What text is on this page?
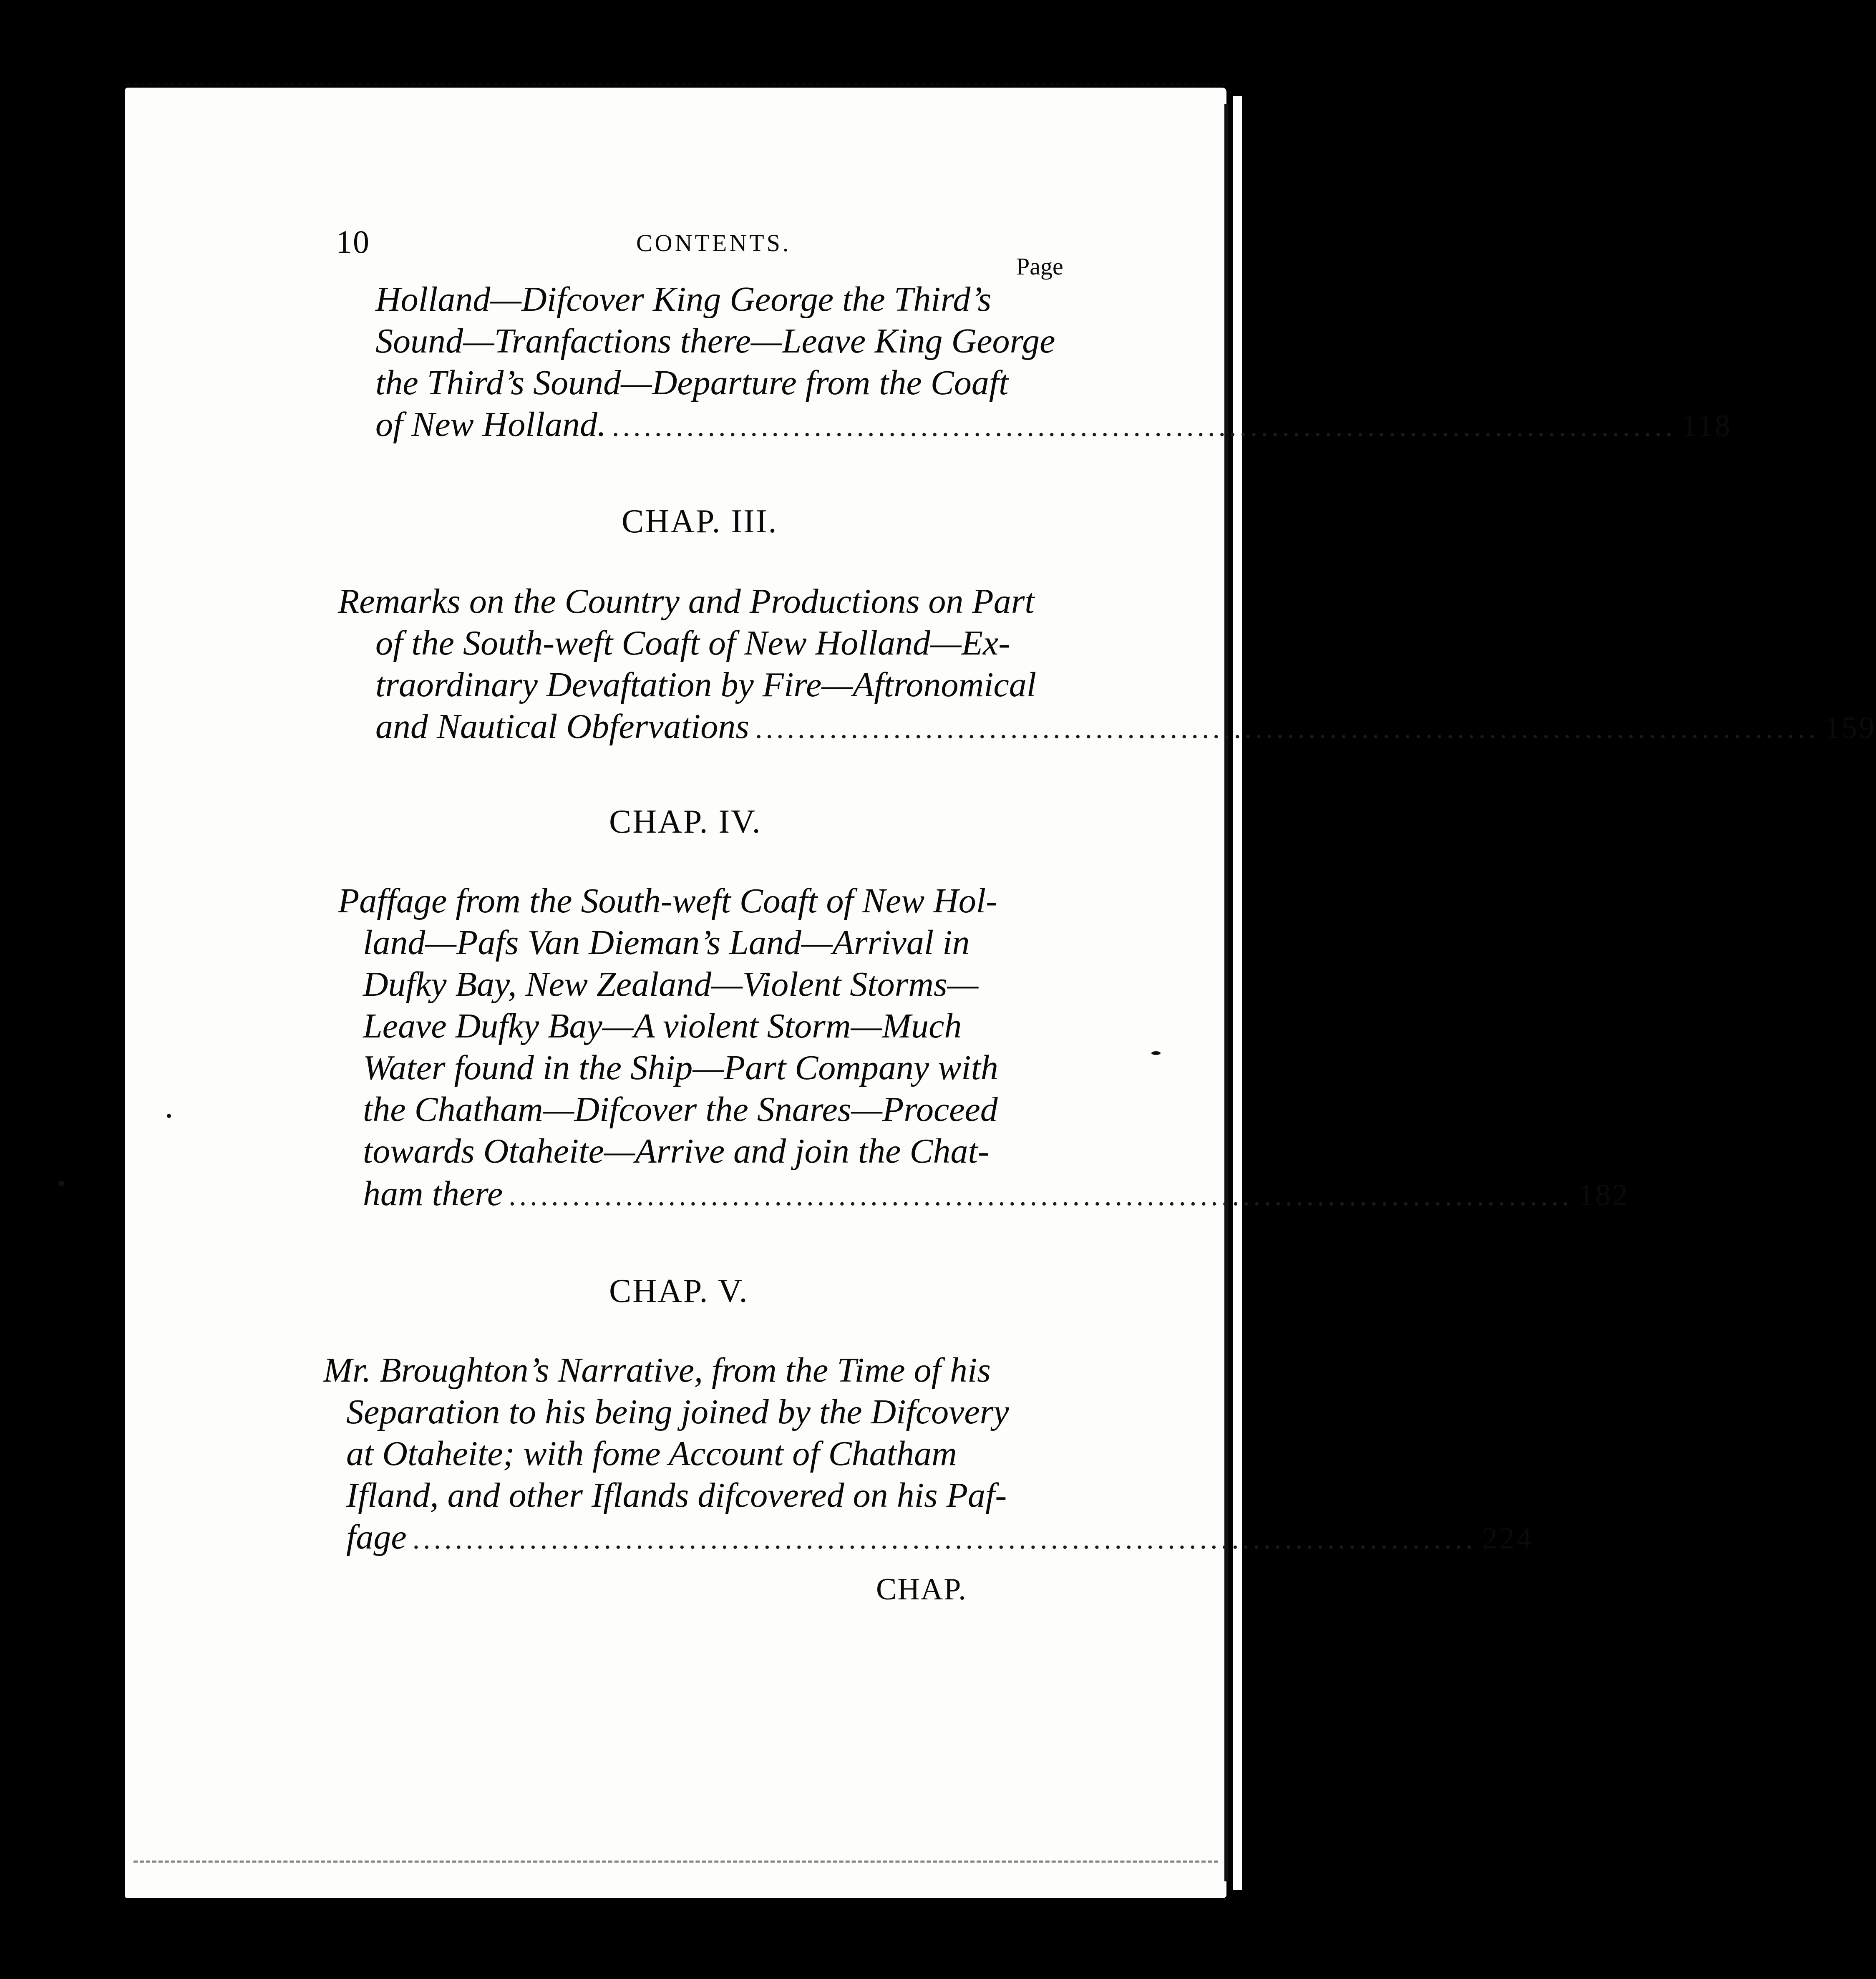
10	CONTENTS.
Page
Holland—Difcover King George the Third’s
Sound—Tranfactions there—Leave King George
the Third’s Sound—Departure from the Coaft
of New Holland. .................................................................................................... 118
CHAP. III.
Remarks on the Country and Productions on Part
of the South-weft Coaft of New Holland—Ex-
traordinary Devaftation by Fire—Aftronomical
and Nautical Obfervations .................................................................................................... 159
CHAP. IV.
Paffage from the South-weft Coaft of New Hol-
land—Pafs Van Dieman’s Land—Arrival in
Dufky Bay, New Zealand—Violent Storms—
Leave Dufky Bay—A violent Storm—Much
Water found in the Ship—Part Company with
the Chatham—Difcover the Snares—Proceed
towards Otaheite—Arrive and join the Chat-
ham there .................................................................................................... 182
CHAP. V.
Mr. Broughton’s Narrative, from the Time of his
Separation to his being joined by the Difcovery
at Otaheite; with fome Account of Chatham
Ifland, and other Iflands difcovered on his Paf-
fage .................................................................................................... 224
CHAP.
